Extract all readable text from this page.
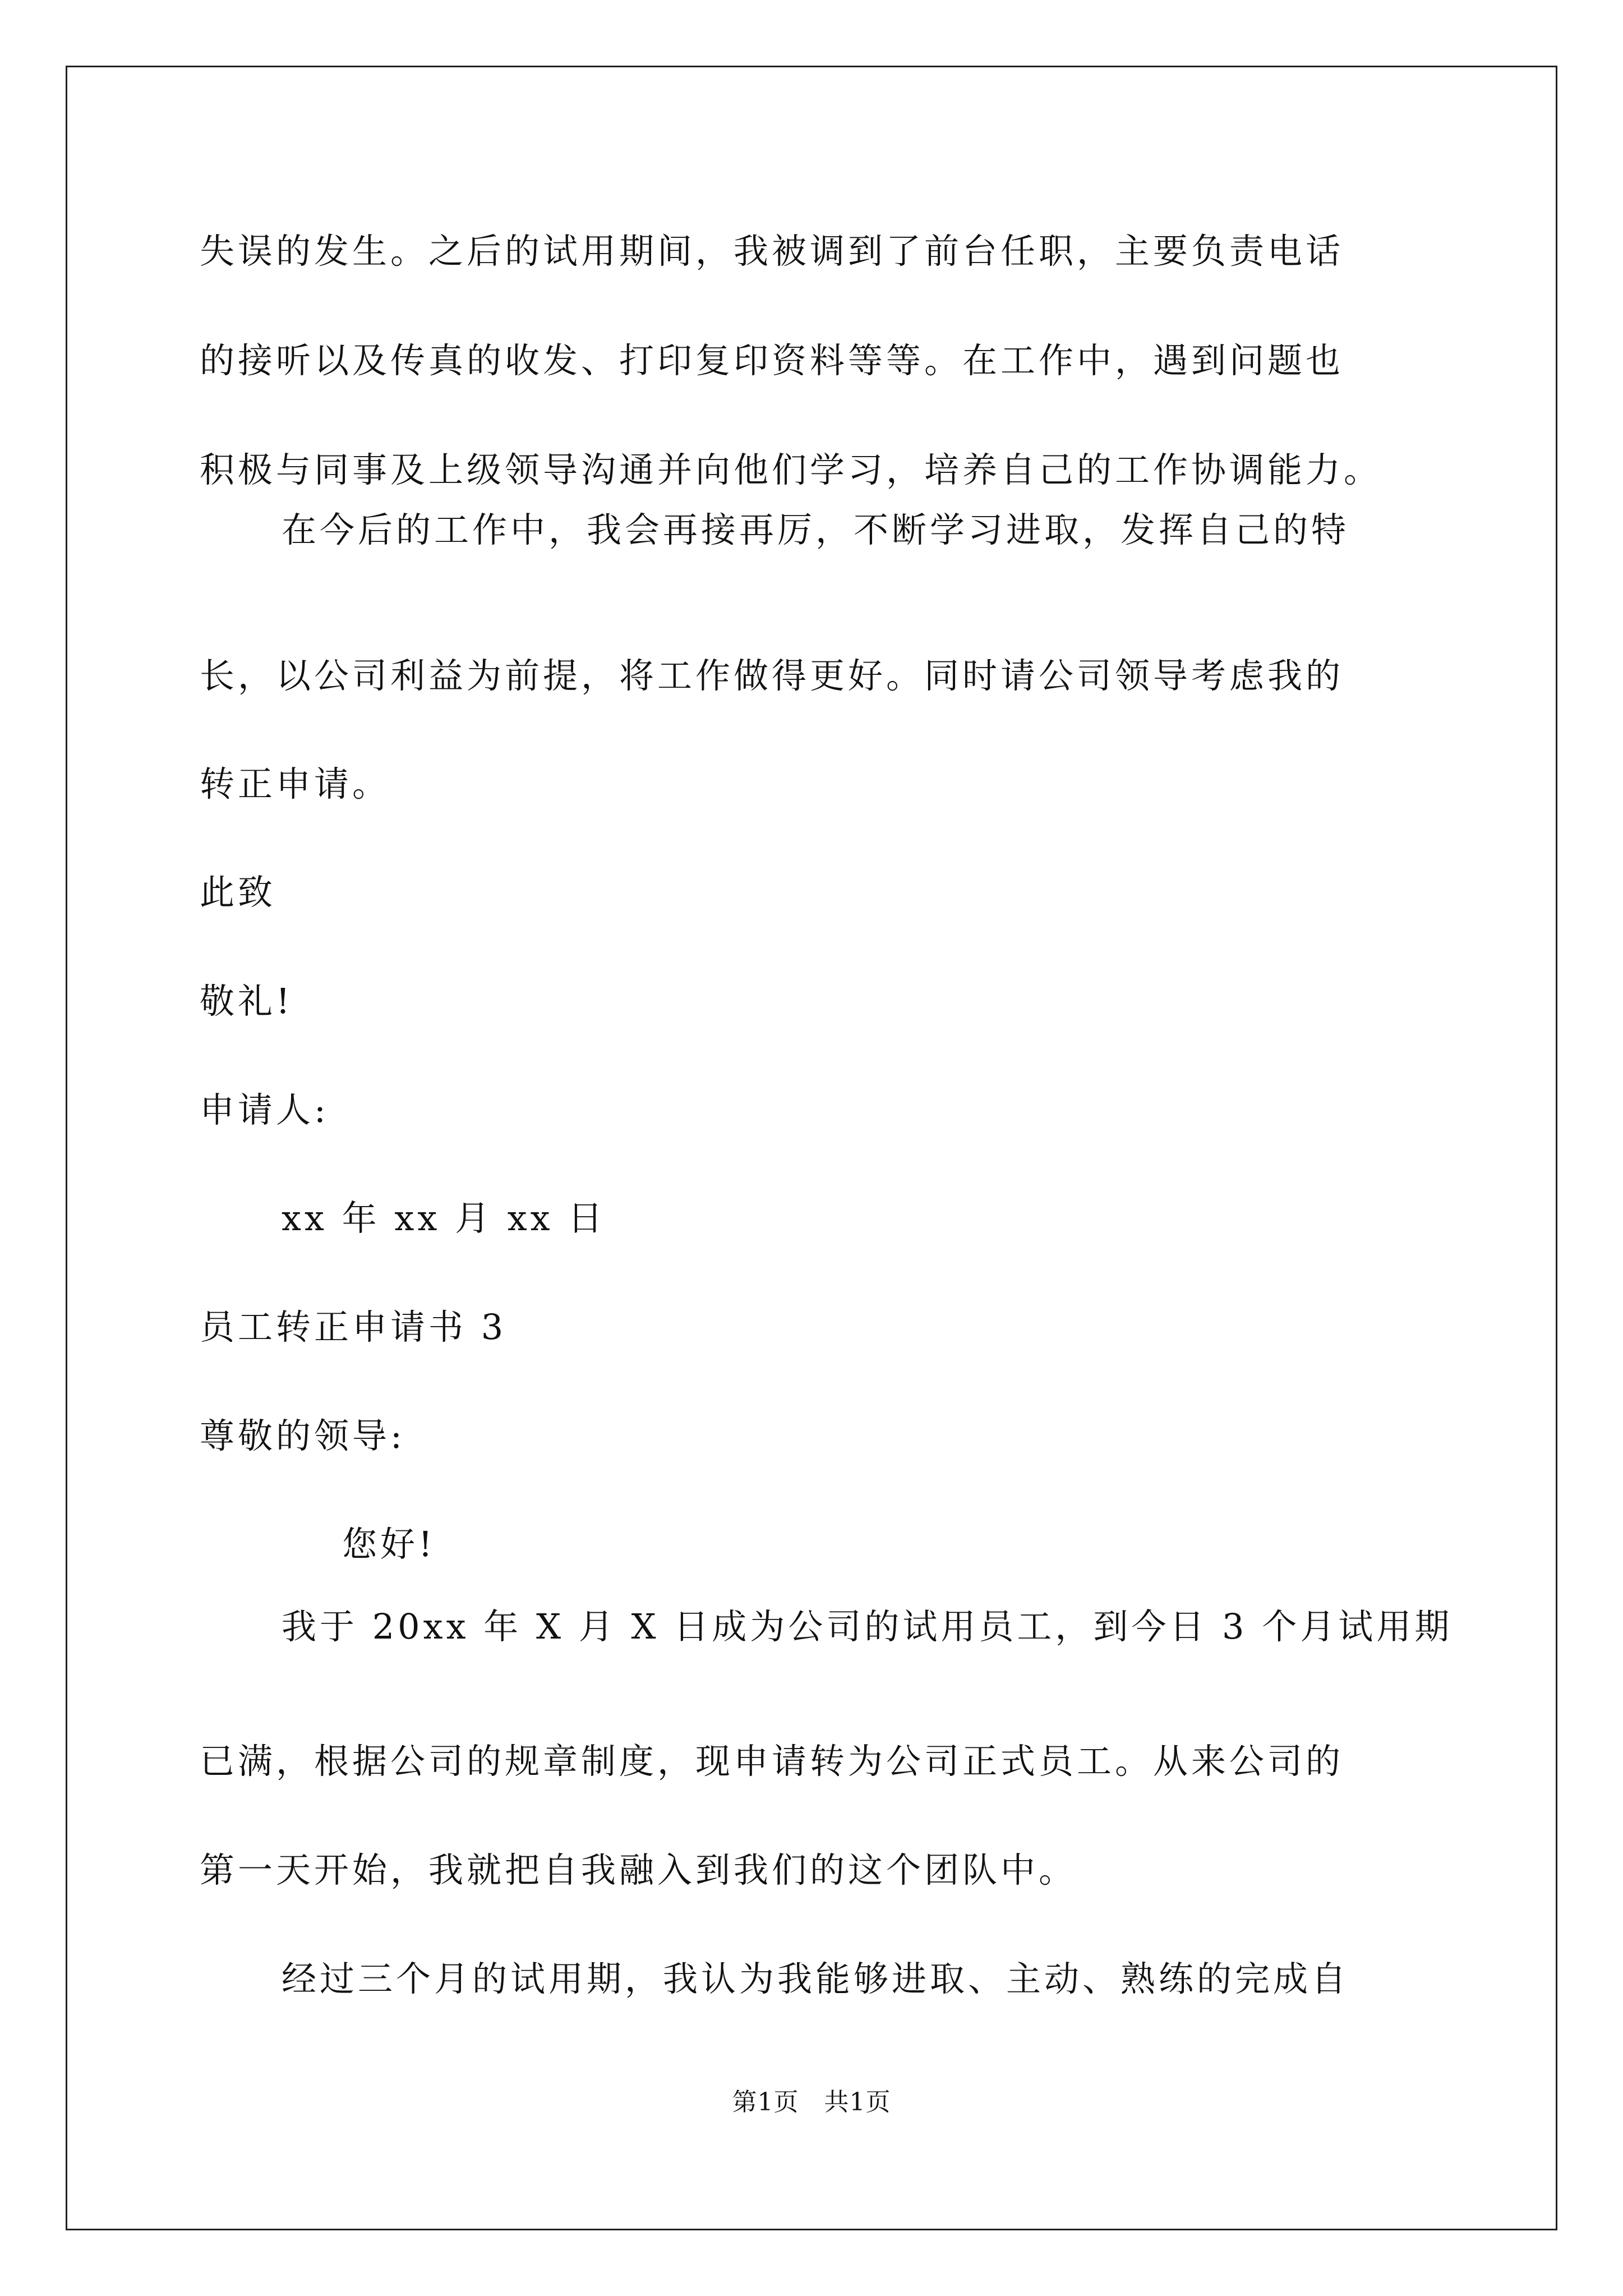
失误的发生。之后的试用期间，我被调到了前台任职，主要负责电话
的接听以及传真的收发、打印复印资料等等。在工作中，遇到问题也
积极与同事及上级领导沟通并向他们学习，培养自己的工作协调能力。
在今后的工作中，我会再接再厉，不断学习进取，发挥自己的特
长，以公司利益为前提，将工作做得更好。同时请公司领导考虑我的
转正申请。
此致
敬礼!
申请人:
xx 年 xx 月 xx 日
员工转正申请书 3
尊敬的领导:
您好!
我于 20xx 年 X 月 X 日成为公司的试用员工，到今日 3 个月试用期
已满，根据公司的规章制度，现申请转为公司正式员工。从来公司的
第一天开始，我就把自我融入到我们的这个团队中。
经过三个月的试用期，我认为我能够进取、主动、熟练的完成自
第1页　共1页
